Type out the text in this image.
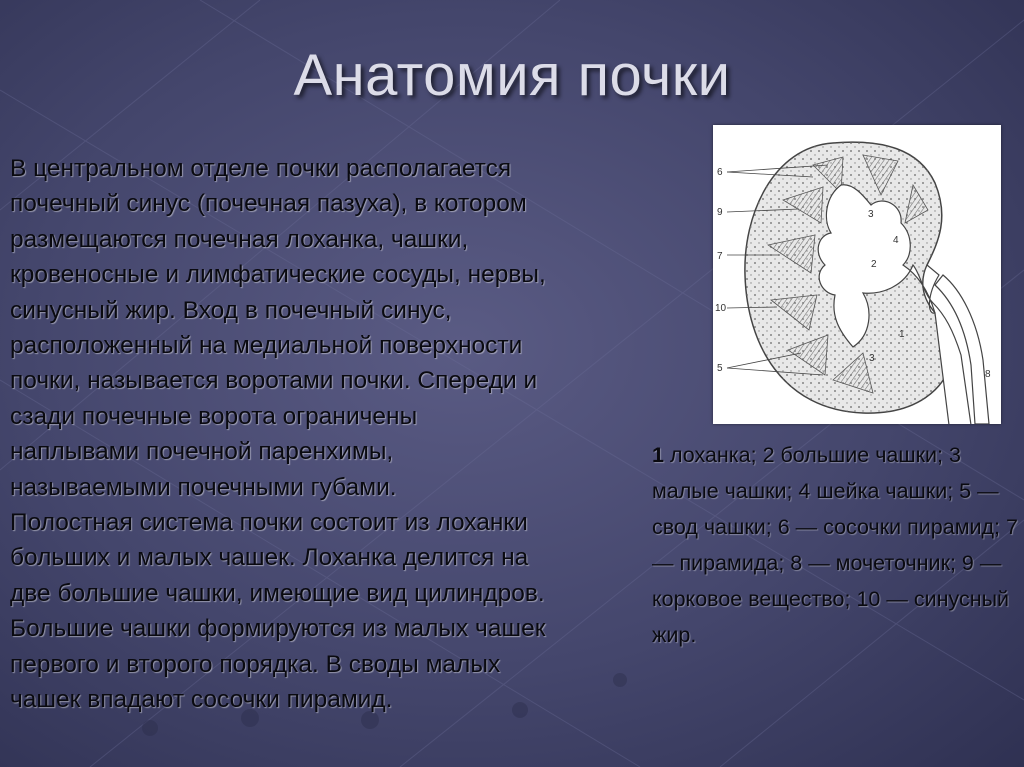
Анатомия почки
В центральном отделе почки располагается
почечный синус (почечная пазуха), в котором
размещаются почечная лоханка, чашки,
кровеносные и лимфатические сосуды, нервы,
синусный жир. Вход в почечный синус,
расположенный на медиальной поверхности
почки, называется воротами почки. Спереди и
сзади почечные ворота ограничены
наплывами почечной паренхимы,
называемыми почечными губами.
Полостная система почки состоит из лоханки
больших и малых чашек. Лоханка делится на
две большие чашки, имеющие вид цилиндров.
Большие чашки формируются из малых чашек
первого и второго порядка. В своды малых
чашек впадают сосочки пирамид.
6
9
7
10
5
3
4
2
1
3
8
1 лоханка; 2 большие чашки; 3 малые чашки; 4 шейка чашки; 5 — свод чашки; 6 — сосочки пирамид; 7 — пирамида; 8 — мочеточник; 9 — корковое вещество; 10 — синусный жир.
